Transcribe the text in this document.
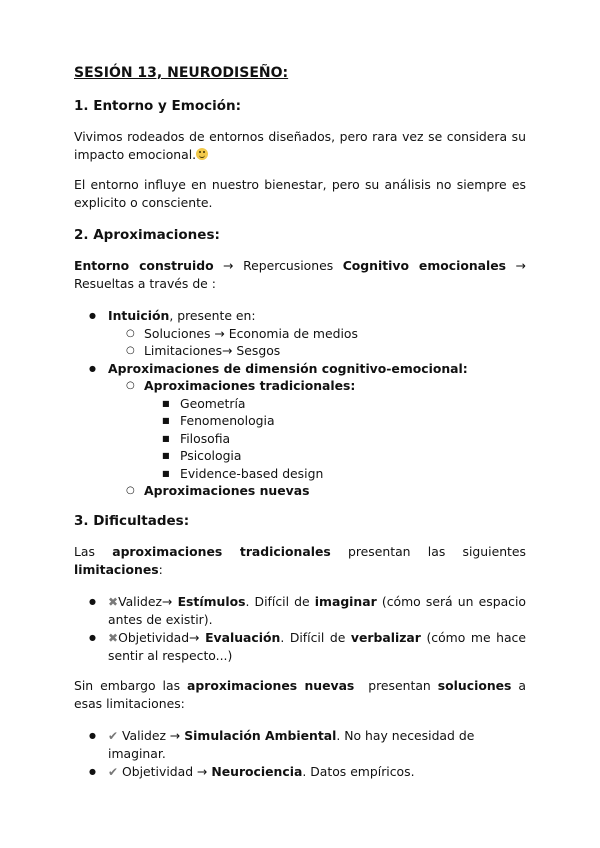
SESIÓN 13, NEURODISEÑO:
1. Entorno y Emoción:

Vivimos rodeados de entornos diseñados, pero rara vez se considera su impacto emocional.

El entorno influye en nuestro bienestar, pero su análisis no siempre es explicito o consciente.

2. Aproximaciones:

Entorno construido → Repercusiones Cognitivo emocionales → Resueltas a través de :

● Intuición, presente en:
○ Soluciones → Economia de medios
○ Limitaciones→ Sesgos
● Aproximaciones de dimensión cognitivo-emocional:
○ Aproximaciones tradicionales:
■ Geometría
■ Fenomenologia
■ Filosofia
■ Psicologia
■ Evidence-based design
○ Aproximaciones nuevas
3. Dificultades:

Las aproximaciones tradicionales presentan las siguientes limitaciones:

● ✖Validez→ Estímulos. Difícil de imaginar (cómo será un espacio antes de existir).
● ✖Objetividad→ Evaluación. Difícil de verbalizar (cómo me hace sentir al respecto...)

Sin embargo las aproximaciones nuevas  presentan soluciones a esas limitaciones:

● ✔ Validez → Simulación Ambiental. No hay necesidad de imaginar.
● ✔ Objetividad → Neurociencia. Datos empíricos.
